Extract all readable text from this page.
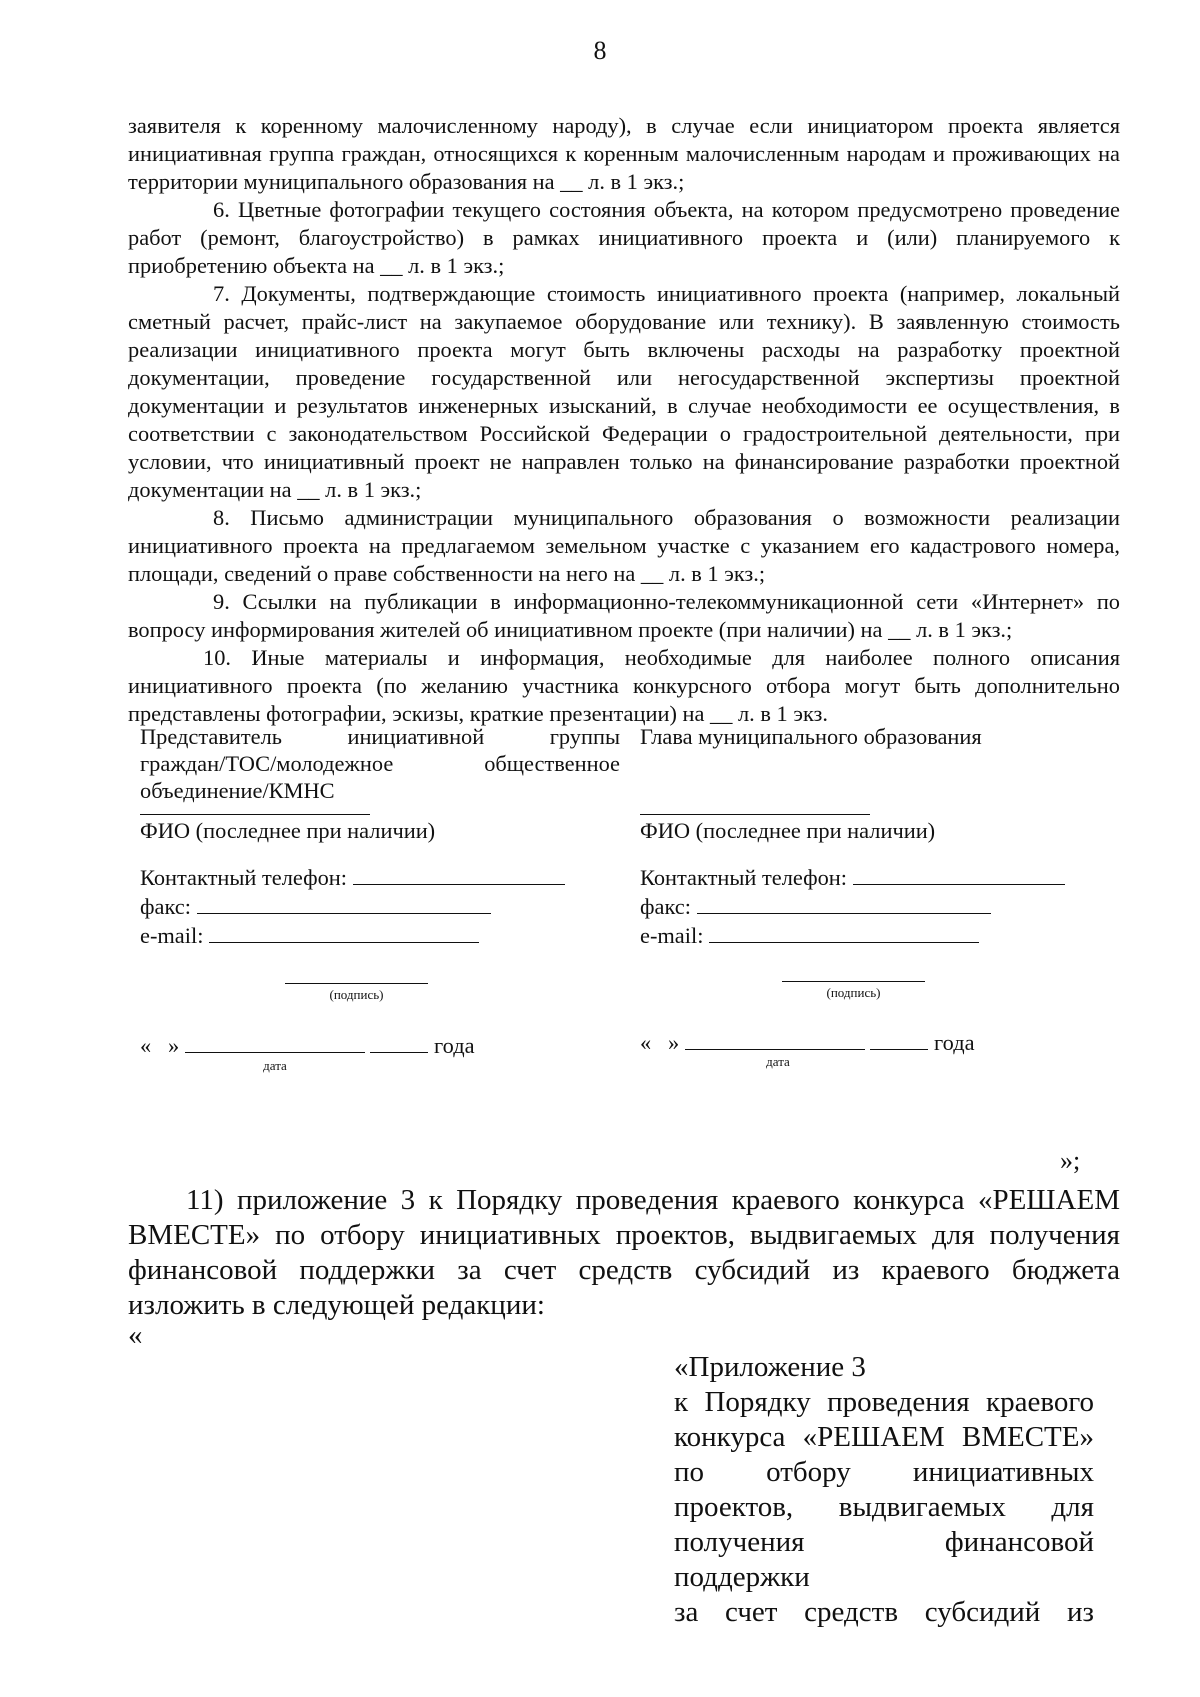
8

заявителя к коренному малочисленному народу), в случае если инициатором проекта является инициативная группа граждан, относящихся к коренным малочисленным народам и проживающих на территории муниципального образования на __ л. в 1 экз.;

6. Цветные фотографии текущего состояния объекта, на котором предусмотрено проведение работ (ремонт, благоустройство) в рамках инициативного проекта и (или) планируемого к приобретению объекта на __ л. в 1 экз.;

7. Документы, подтверждающие стоимость инициативного проекта (например, локальный сметный расчет, прайс-лист на закупаемое оборудование или технику). В заявленную стоимость реализации инициативного проекта могут быть включены расходы на разработку проектной документации, проведение государственной или негосударственной экспертизы проектной документации и результатов инженерных изысканий, в случае необходимости ее осуществления, в соответствии с законодательством Российской Федерации о градостроительной деятельности, при условии, что инициативный проект не направлен только на финансирование разработки проектной документации на __ л. в 1 экз.;

8. Письмо администрации муниципального образования о возможности реализации инициативного проекта на предлагаемом земельном участке с указанием его кадастрового номера, площади, сведений о праве собственности на него на __ л. в 1 экз.;

9. Ссылки на публикации в информационно-телекоммуникационной сети «Интернет» по вопросу информирования жителей об инициативном проекте (при наличии) на __ л. в 1 экз.;

10. Иные материалы и информация, необходимые для наиболее полного описания инициативного проекта (по желанию участника конкурсного отбора могут быть дополнительно представлены фотографии, эскизы, краткие презентации) на __ л. в 1 экз.

Представитель инициативной группы
граждан/ТОС/молодежное общественное
объединение/КМНС
ФИО (последнее при наличии)
Контактный телефон:
факс:
e-mail:
(подпись)
« »	года
дата
Глава муниципального образования
ФИО (последнее при наличии)
Контактный телефон:
факс:
e-mail:
(подпись)
« »	года
дата
»;

11) приложение 3 к Порядку проведения краевого конкурса «РЕШАЕМ ВМЕСТЕ» по отбору инициативных проектов, выдвигаемых для получения финансовой поддержки за счет средств субсидий из краевого бюджета изложить в следующей редакции:

«
«Приложение 3
к Порядку проведения краевого
конкурса «РЕШАЕМ ВМЕСТЕ»
по отбору инициативных
проектов, выдвигаемых для
получения финансовой поддержки
за счет средств субсидий из
